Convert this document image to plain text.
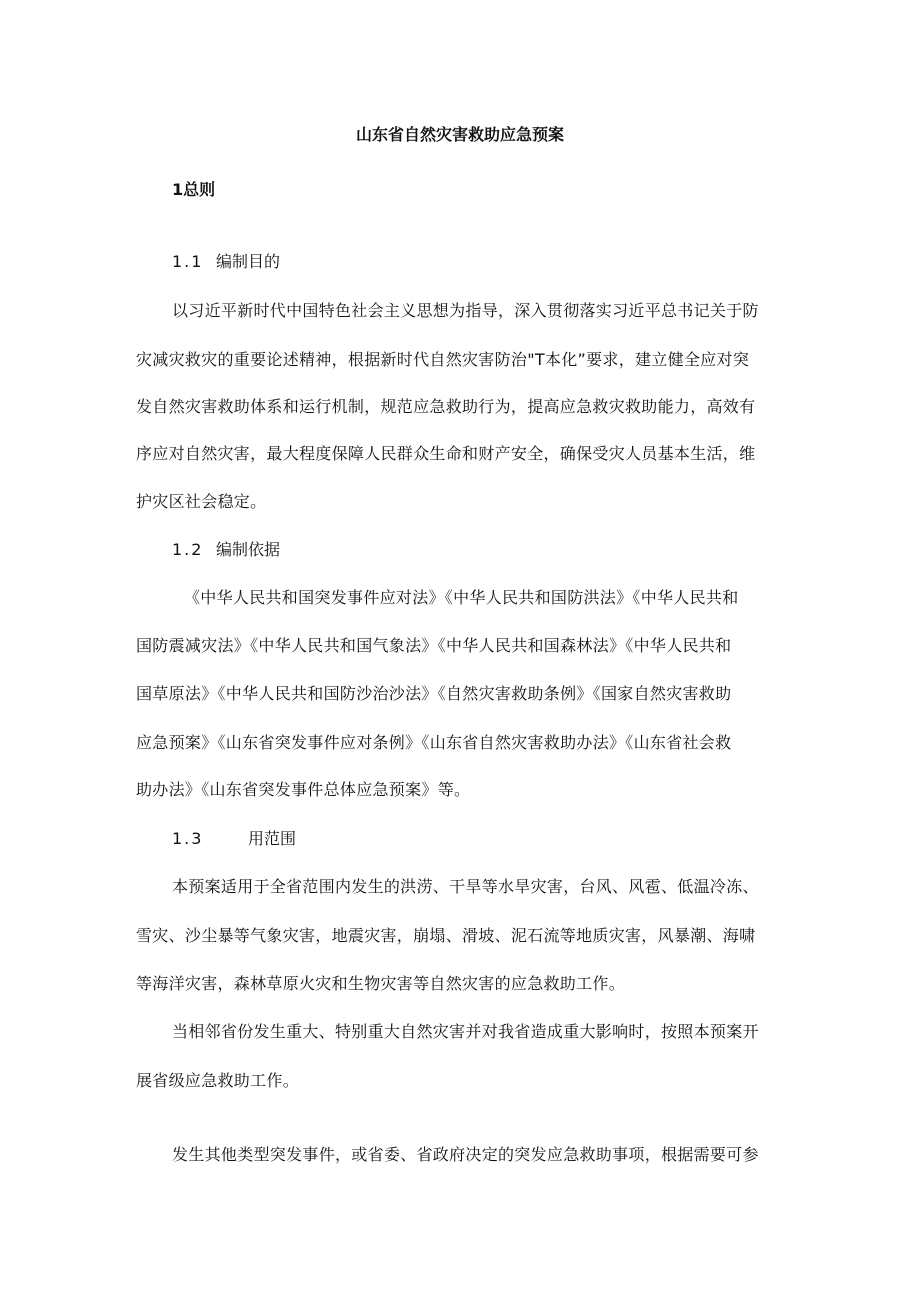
山东省自然灾害救助应急预案
1总则
1.1 编制目的
以习近平新时代中国特色社会主义思想为指导，深入贯彻落实习近平总书记关于防
灾减灾救灾的重要论述精神，根据新时代自然灾害防治"T本化”要求，建立健全应对突
发自然灾害救助体系和运行机制，规范应急救助行为，提高应急救灾救助能力，高效有
序应对自然灾害，最大程度保障人民群众生命和财产安全，确保受灾人员基本生活，维
护灾区社会稳定。
1.2 编制依据
《中华人民共和国突发事件应对法》《中华人民共和国防洪法》《中华人民共和
国防震减灾法》《中华人民共和国气象法》《中华人民共和国森林法》《中华人民共和
国草原法》《中华人民共和国防沙治沙法》《自然灾害救助条例》《国家自然灾害救助
应急预案》《山东省突发事件应对条例》《山东省自然灾害救助办法》《山东省社会救
助办法》《山东省突发事件总体应急预案》等。
1.3	用范围
本预案适用于全省范围内发生的洪涝、干旱等水旱灾害，台风、风雹、低温冷冻、
雪灾、沙尘暴等气象灾害，地震灾害，崩塌、滑坡、泥石流等地质灾害，风暴潮、海啸
等海洋灾害，森林草原火灾和生物灾害等自然灾害的应急救助工作。
当相邻省份发生重大、特别重大自然灾害并对我省造成重大影响时，按照本预案开
展省级应急救助工作。
发生其他类型突发事件，或省委、省政府决定的突发应急救助事项，根据需要可参
